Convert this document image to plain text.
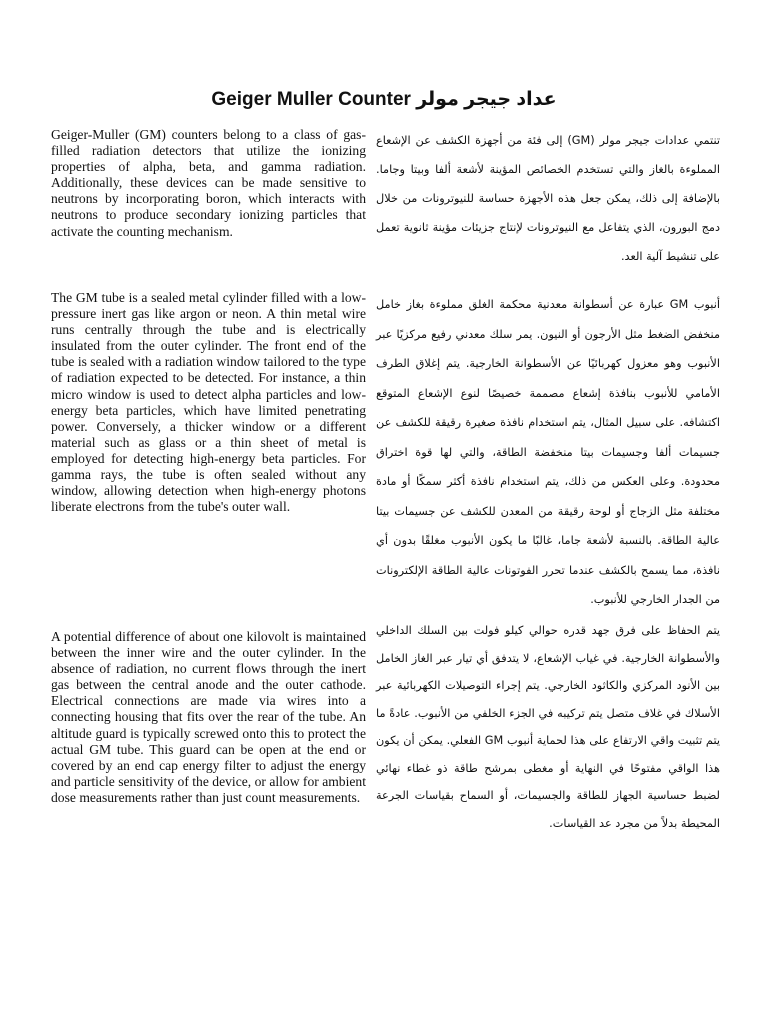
Geiger Muller Counter عداد جيجر مولر

Geiger-Muller (GM) counters belong to a class of gas-filled radiation detectors that utilize the ionizing properties of alpha, beta, and gamma radiation. Additionally, these devices can be made sensitive to neutrons by incorporating boron, which interacts with neutrons to produce secondary ionizing particles that activate the counting mechanism.

تنتمي عدادات جيجر مولر (GM) إلى فئة من أجهزة الكشف عن الإشعاع المملوءة بالغاز والتي تستخدم الخصائص المؤينة لأشعة ألفا وبيتا وجاما. بالإضافة إلى ذلك، يمكن جعل هذه الأجهزة حساسة للنيوترونات من خلال دمج البورون، الذي يتفاعل مع النيوترونات لإنتاج جزيئات مؤينة ثانوية تعمل على تنشيط آلية العد.

The GM tube is a sealed metal cylinder filled with a low-pressure inert gas like argon or neon. A thin metal wire runs centrally through the tube and is electrically insulated from the outer cylinder. The front end of the tube is sealed with a radiation window tailored to the type of radiation expected to be detected. For instance, a thin micro window is used to detect alpha particles and low-energy beta particles, which have limited penetrating power. Conversely, a thicker window or a different material such as glass or a thin sheet of metal is employed for detecting high-energy beta particles. For gamma rays, the tube is often sealed without any window, allowing detection when high-energy photons liberate electrons from the tube's outer wall.

أنبوب GM عبارة عن أسطوانة معدنية محكمة الغلق مملوءة بغاز خامل منخفض الضغط مثل الأرجون أو النيون. يمر سلك معدني رفيع مركزيًا عبر الأنبوب وهو معزول كهربائيًا عن الأسطوانة الخارجية. يتم إغلاق الطرف الأمامي للأنبوب بنافذة إشعاع مصممة خصيصًا لنوع الإشعاع المتوقع اكتشافه. على سبيل المثال، يتم استخدام نافذة صغيرة رقيقة للكشف عن جسيمات ألفا وجسيمات بيتا منخفضة الطاقة، والتي لها قوة اختراق محدودة. وعلى العكس من ذلك، يتم استخدام نافذة أكثر سمكًا أو مادة مختلفة مثل الزجاج أو لوحة رقيقة من المعدن للكشف عن جسيمات بيتا عالية الطاقة. بالنسبة لأشعة جاما، غالبًا ما يكون الأنبوب مغلقًا بدون أي نافذة، مما يسمح بالكشف عندما تحرر الفوتونات عالية الطاقة الإلكترونات من الجدار الخارجي للأنبوب.

A potential difference of about one kilovolt is maintained between the inner wire and the outer cylinder. In the absence of radiation, no current flows through the inert gas between the central anode and the outer cathode. Electrical connections are made via wires into a connecting housing that fits over the rear of the tube. An altitude guard is typically screwed onto this to protect the actual GM tube. This guard can be open at the end or covered by an end cap energy filter to adjust the energy and particle sensitivity of the device, or allow for ambient dose measurements rather than just count measurements.

يتم الحفاظ على فرق جهد قدره حوالي كيلو فولت بين السلك الداخلي والأسطوانة الخارجية. في غياب الإشعاع، لا يتدفق أي تيار عبر الغاز الخامل بين الأنود المركزي والكاثود الخارجي. يتم إجراء التوصيلات الكهربائية عبر الأسلاك في غلاف متصل يتم تركيبه في الجزء الخلفي من الأنبوب. عادةً ما يتم تثبيت واقي الارتفاع على هذا لحماية أنبوب GM الفعلي. يمكن أن يكون هذا الواقي مفتوحًا في النهاية أو مغطى بمرشح طاقة ذو غطاء نهائي لضبط حساسية الجهاز للطاقة والجسيمات، أو السماح بقياسات الجرعة المحيطة بدلاً من مجرد عد القياسات.
